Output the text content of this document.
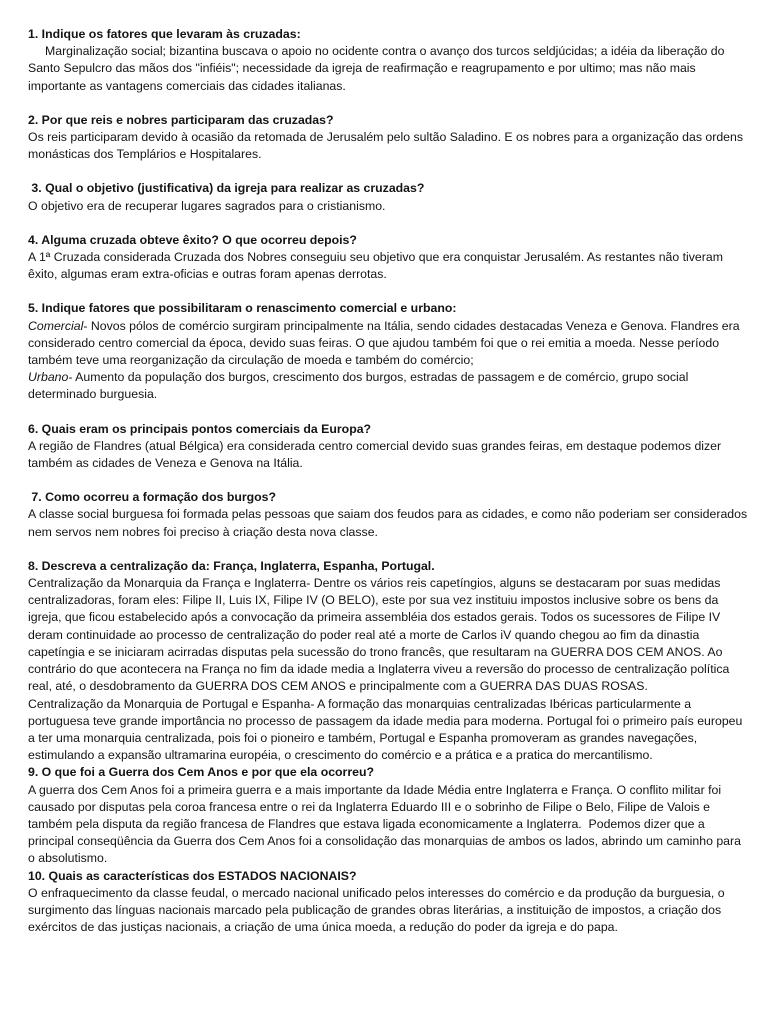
1. Indique os fatores que levaram às cruzadas:

Marginalização social; bizantina buscava o apoio no ocidente contra o avanço dos turcos seldjúcidas; a idéia da liberação do Santo Sepulcro das mãos dos "infiéis"; necessidade da igreja de reafirmação e reagrupamento e por ultimo; mas não mais importante as vantagens comerciais das cidades italianas.

2. Por que reis e nobres participaram das cruzadas?

Os reis participaram devido à ocasião da retomada de Jerusalém pelo sultão Saladino. E os nobres para a organização das ordens monásticas dos Templários e Hospitalares.

3. Qual o objetivo (justificativa) da igreja para realizar as cruzadas?

O objetivo era de recuperar lugares sagrados para o cristianismo.

4. Alguma cruzada obteve êxito? O que ocorreu depois?

A 1ª Cruzada considerada Cruzada dos Nobres conseguiu seu objetivo que era conquistar Jerusalém. As restantes não tiveram êxito, algumas eram extra-oficias e outras foram apenas derrotas.

5. Indique fatores que possibilitaram o renascimento comercial e urbano:

Comercial- Novos pólos de comércio surgiram principalmente na Itália, sendo cidades destacadas Veneza e Genova. Flandres era considerado centro comercial da época, devido suas feiras. O que ajudou também foi que o rei emitia a moeda. Nesse período também teve uma reorganização da circulação de moeda e também do comércio;

Urbano- Aumento da população dos burgos, crescimento dos burgos, estradas de passagem e de comércio, grupo social determinado burguesia.

6. Quais eram os principais pontos comerciais da Europa?

A região de Flandres (atual Bélgica) era considerada centro comercial devido suas grandes feiras, em destaque podemos dizer também as cidades de Veneza e Genova na Itália.

7. Como ocorreu a formação dos burgos?

A classe social burguesa foi formada pelas pessoas que saiam dos feudos para as cidades, e como não poderiam ser considerados nem servos nem nobres foi preciso à criação desta nova classe.

8. Descreva a centralização da: França, Inglaterra, Espanha, Portugal.

Centralização da Monarquia da França e Inglaterra- Dentre os vários reis capetíngios, alguns se destacaram por suas medidas centralizadoras, foram eles: Filipe II, Luis IX, Filipe IV (O BELO), este por sua vez instituiu impostos inclusive sobre os bens da igreja, que ficou estabelecido após a convocação da primeira assembléia dos estados gerais. Todos os sucessores de Filipe IV deram continuidade ao processo de centralização do poder real até a morte de Carlos iV quando chegou ao fim da dinastia capetíngia e se iniciaram acirradas disputas pela sucessão do trono francês, que resultaram na GUERRA DOS CEM ANOS. Ao contrário do que acontecera na França no fim da idade media a Inglaterra viveu a reversão do processo de centralização política real, até, o desdobramento da GUERRA DOS CEM ANOS e principalmente com a GUERRA DAS DUAS ROSAS.

Centralização da Monarquia de Portugal e Espanha- A formação das monarquias centralizadas Ibéricas particularmente a portuguesa teve grande importância no processo de passagem da idade media para moderna. Portugal foi o primeiro país europeu a ter uma monarquia centralizada, pois foi o pioneiro e também, Portugal e Espanha promoveram as grandes navegações, estimulando a expansão ultramarina européia, o crescimento do comércio e a prática e a pratica do mercantilismo.

9. O que foi a Guerra dos Cem Anos e por que ela ocorreu?

A guerra dos Cem Anos foi a primeira guerra e a mais importante da Idade Média entre Inglaterra e França. O conflito militar foi causado por disputas pela coroa francesa entre o rei da Inglaterra Eduardo III e o sobrinho de Filipe o Belo, Filipe de Valois e também pela disputa da região francesa de Flandres que estava ligada economicamente a Inglaterra.  Podemos dizer que a principal conseqüência da Guerra dos Cem Anos foi a consolidação das monarquias de ambos os lados, abrindo um caminho para o absolutismo.

10. Quais as características dos ESTADOS NACIONAIS?

O enfraquecimento da classe feudal, o mercado nacional unificado pelos interesses do comércio e da produção da burguesia, o surgimento das línguas nacionais marcado pela publicação de grandes obras literárias, a instituição de impostos, a criação dos exércitos de das justiças nacionais, a criação de uma única moeda, a redução do poder da igreja e do papa.
